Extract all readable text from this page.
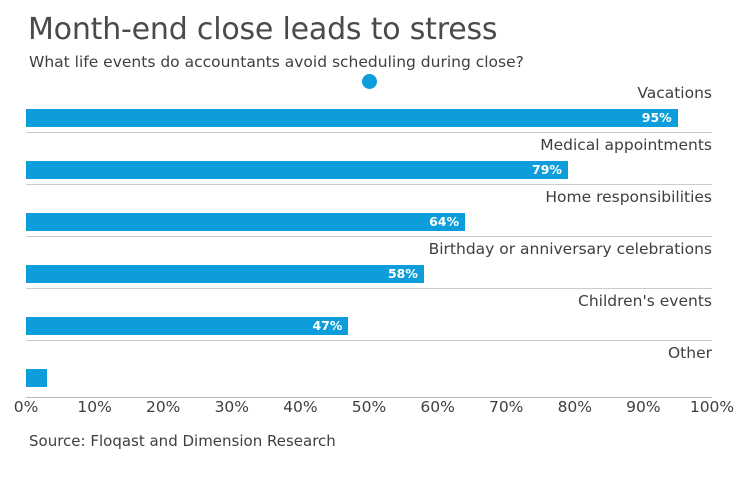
Month-end close leads to stress
What life events do accountants avoid scheduling during close?
Vacations
95%
Medical appointments
79%
Home responsibilities
64%
Birthday or anniversary celebrations
58%
Children's events
47%
Other
0%	10% 20% 30% 40% 50% 60% 70% 80% 90% 100%
Source: Floqast and Dimension Research
